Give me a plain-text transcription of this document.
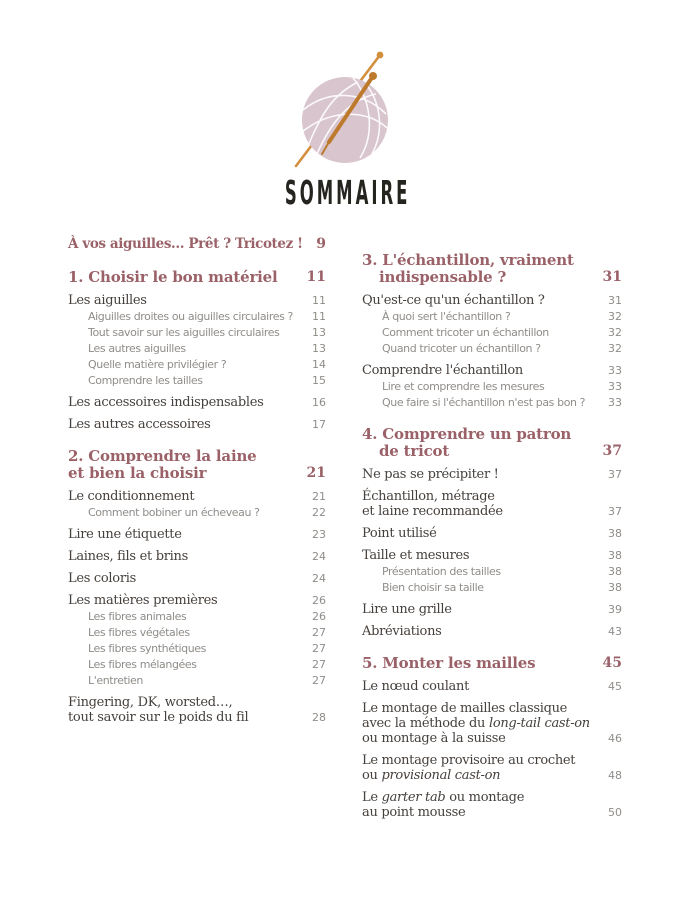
SOMMAIRE
À vos aiguilles… Prêt ? Tricotez ! 9
1. Choisir le bon matériel 11
Les aiguilles	11
Aiguilles droites ou aiguilles circulaires ? 11
Tout savoir sur les aiguilles circulaires	13
Les autres aiguilles	13
Quelle matière privilégier ?	14
Comprendre les tailles	15
Les accessoires indispensables	16
Les autres accessoires	17
2. Comprendre la laine
et bien la choisir	21
Le conditionnement	21
Comment bobiner un écheveau ?	22
Lire une étiquette	23
Laines, fils et brins	24
Les coloris	24
Les matières premières	26
Les fibres animales	26
Les fibres végétales	27
Les fibres synthétiques	27
Les fibres mélangées	27
L'entretien	27
Fingering, DK, worsted…,
tout savoir sur le poids du fil	28
3. L'échantillon, vraiment
indispensable ?	31
Qu'est-ce qu'un échantillon ?	31
À quoi sert l'échantillon ?	32
Comment tricoter un échantillon	32
Quand tricoter un échantillon ?	32
Comprendre l'échantillon	33
Lire et comprendre les mesures	33
Que faire si l'échantillon n'est pas bon ? 33
4. Comprendre un patron
de tricot	37
Ne pas se précipiter !	37
Échantillon, métrage
et laine recommandée	37
Point utilisé	38
Taille et mesures	38
Présentation des tailles	38
Bien choisir sa taille	38
Lire une grille	39
Abréviations	43
5. Monter les mailles	45
Le nœud coulant	45
Le montage de mailles classique
avec la méthode du long-tail cast-on
ou montage à la suisse	46
Le montage provisoire au crochet
ou provisional cast-on	48
Le garter tab ou montage
au point mousse	50
